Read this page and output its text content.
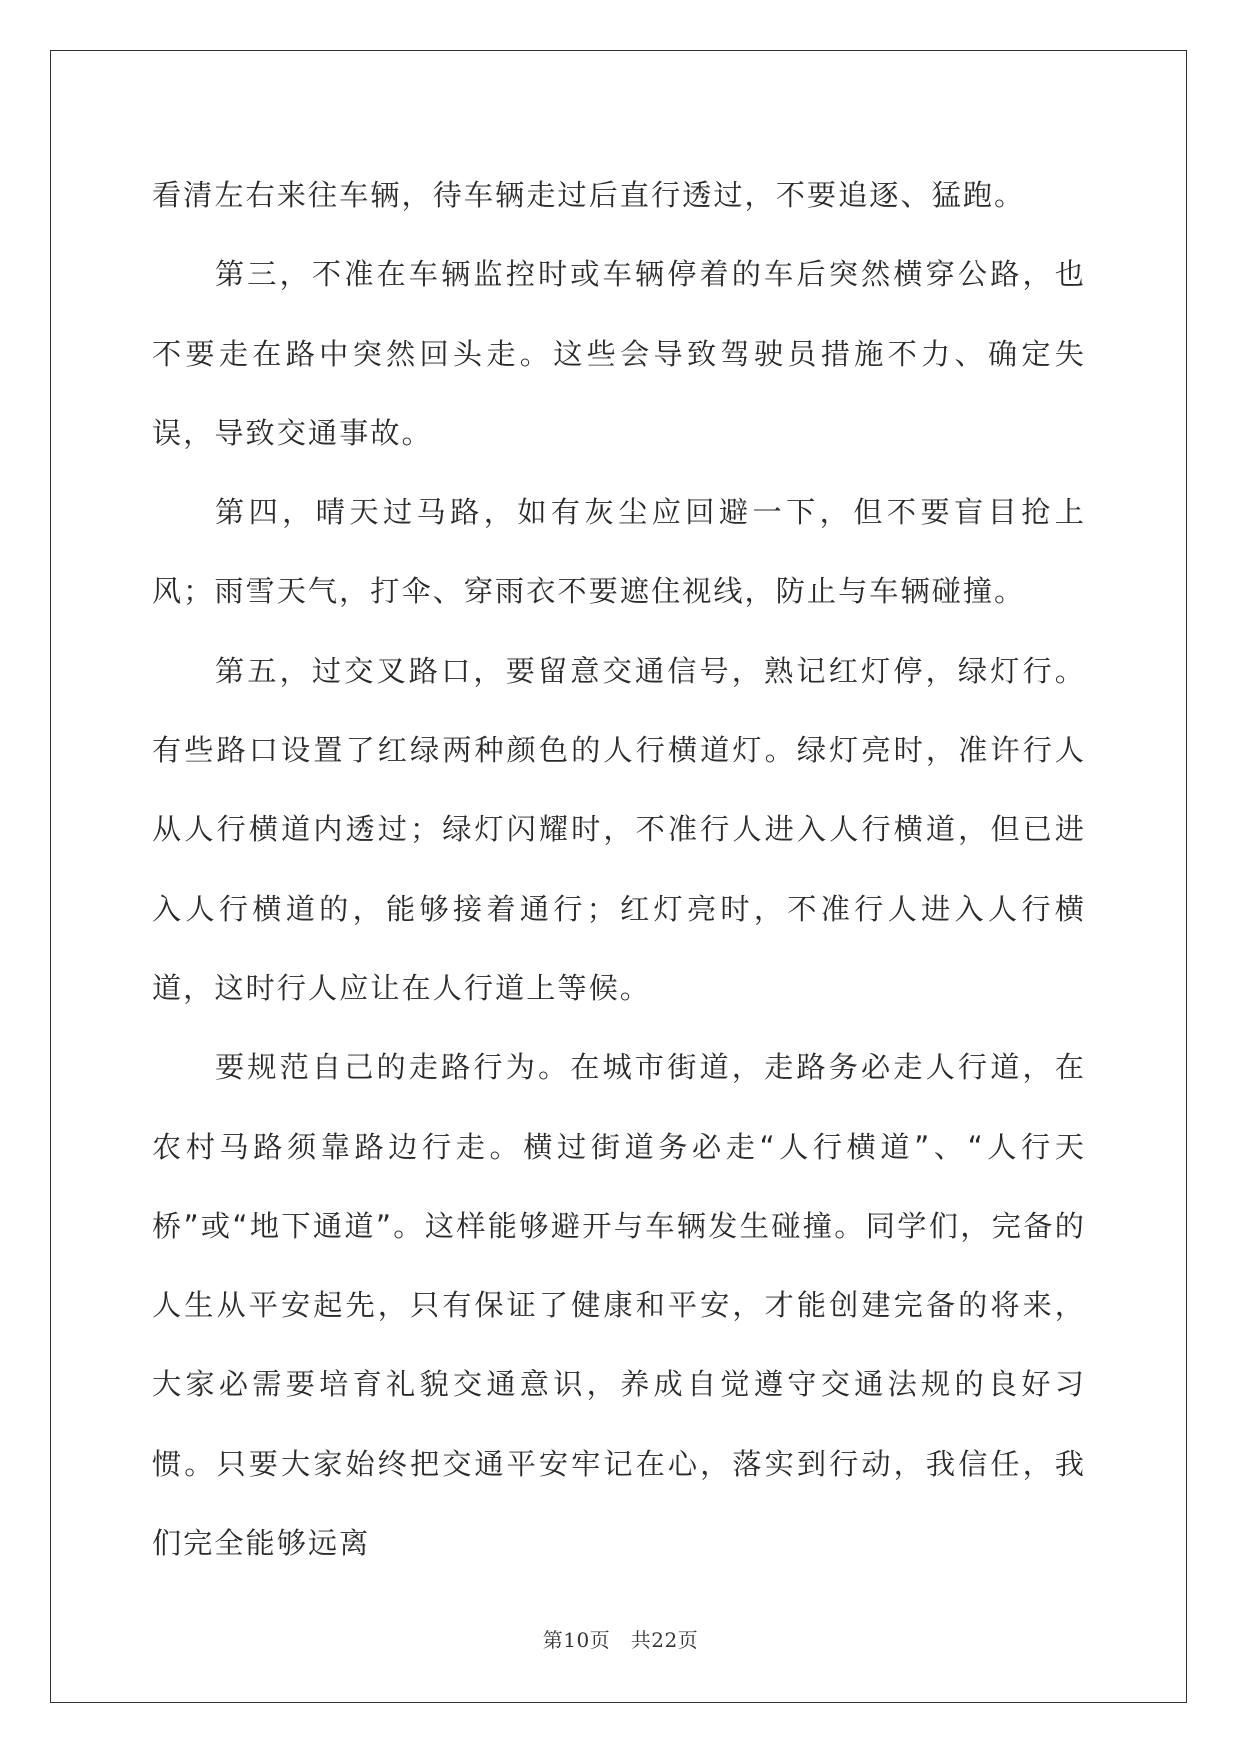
看清左右来往车辆，待车辆走过后直行透过，不要追逐、猛跑。

第三，不准在车辆监控时或车辆停着的车后突然横穿公路，也不要走在路中突然回头走。这些会导致驾驶员措施不力、确定失误，导致交通事故。

第四，晴天过马路，如有灰尘应回避一下，但不要盲目抢上风；雨雪天气，打伞、穿雨衣不要遮住视线，防止与车辆碰撞。

第五，过交叉路口，要留意交通信号，熟记红灯停，绿灯行。有些路口设置了红绿两种颜色的人行横道灯。绿灯亮时，准许行人从人行横道内透过；绿灯闪耀时，不准行人进入人行横道，但已进入人行横道的，能够接着通行；红灯亮时，不准行人进入人行横道，这时行人应让在人行道上等候。

要规范自己的走路行为。在城市街道，走路务必走人行道，在农村马路须靠路边行走。横过街道务必走“人行横道”、“人行天桥”或“地下通道”。这样能够避开与车辆发生碰撞。同学们，完备的人生从平安起先，只有保证了健康和平安，才能创建完备的将来，大家必需要培育礼貌交通意识，养成自觉遵守交通法规的良好习惯。只要大家始终把交通平安牢记在心，落实到行动，我信任，我们完全能够远离

第10页　共22页
